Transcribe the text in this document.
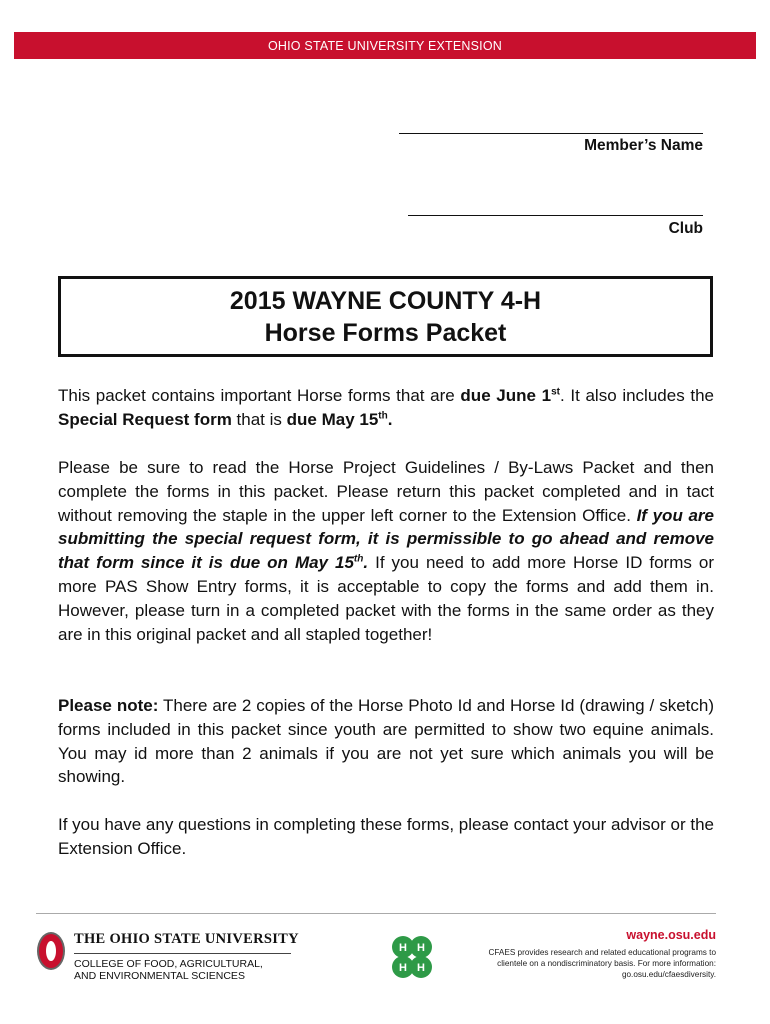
OHIO STATE UNIVERSITY EXTENSION
Member’s Name
Club
2015 WAYNE COUNTY 4-H
Horse Forms Packet

This packet contains important Horse forms that are due June 1st. It also includes the Special Request form that is due May 15th.

Please be sure to read the Horse Project Guidelines / By-Laws Packet and then complete the forms in this packet. Please return this packet completed and in tact without removing the staple in the upper left corner to the Extension Office. If you are submitting the special request form, it is permissible to go ahead and remove that form since it is due on May 15th. If you need to add more Horse ID forms or more PAS Show Entry forms, it is acceptable to copy the forms and add them in. However, please turn in a completed packet with the forms in the same order as they are in this original packet and all stapled together!

Please note: There are 2 copies of the Horse Photo Id and Horse Id (drawing / sketch) forms included in this packet since youth are permitted to show two equine animals. You may id more than 2 animals if you are not yet sure which animals you will be showing.

If you have any questions in completing these forms, please contact your advisor or the Extension Office.

THE OHIO STATE UNIVERSITY
COLLEGE OF FOOD, AGRICULTURAL,
AND ENVIRONMENTAL SCIENCES
H H
H H
wayne.osu.edu
CFAES provides research and related educational programs to clientele on a nondiscriminatory basis. For more information: go.osu.edu/cfaesdiversity.
